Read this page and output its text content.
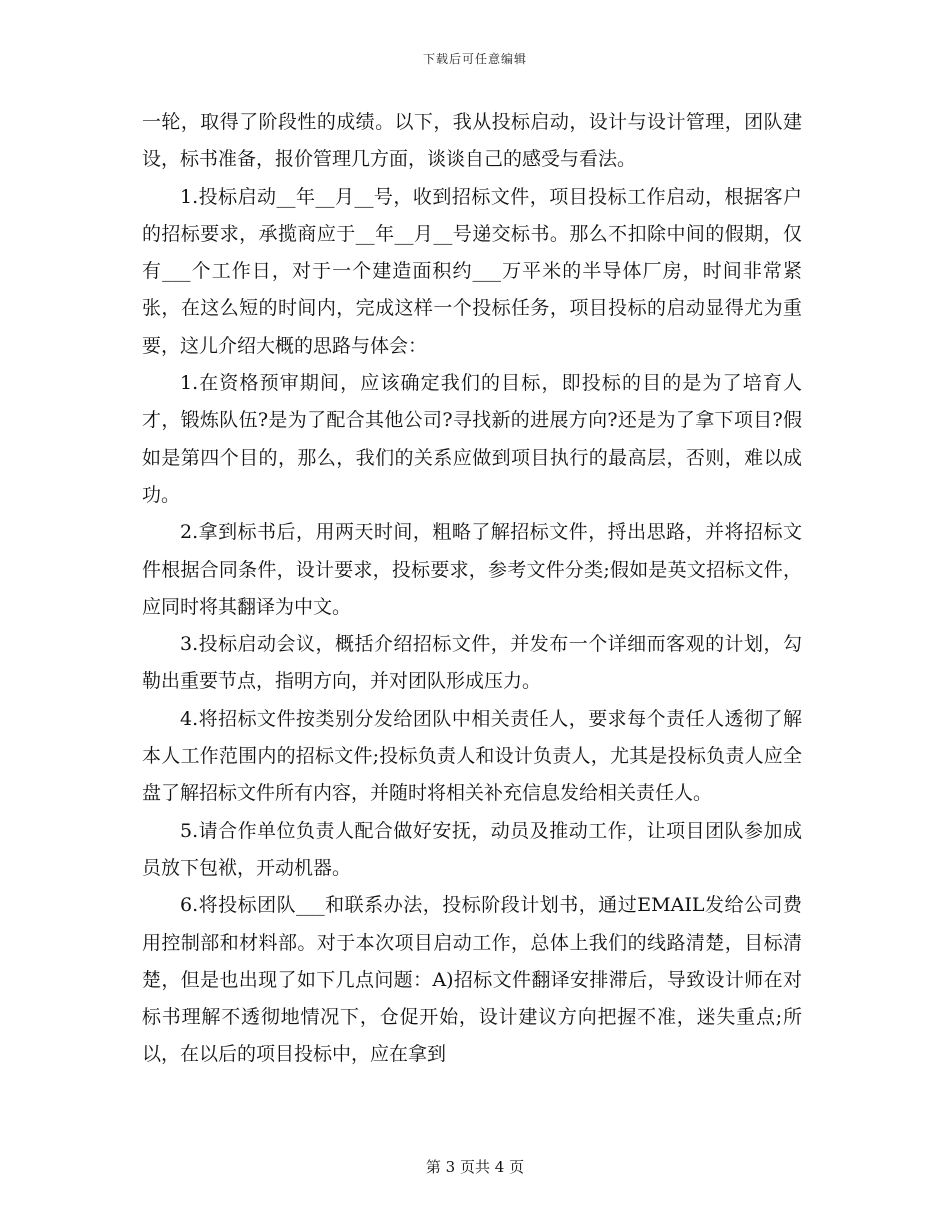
下载后可任意编辑

一轮，取得了阶段性的成绩。以下，我从投标启动，设计与设计管理，团队建设，标书准备，报价管理几方面，谈谈自己的感受与看法。

1.投标启动__年__月__号，收到招标文件，项目投标工作启动，根据客户的招标要求，承揽商应于__年__月__号递交标书。那么不扣除中间的假期，仅有___个工作日，对于一个建造面积约___万平米的半导体厂房，时间非常紧张，在这么短的时间内，完成这样一个投标任务，项目投标的启动显得尤为重要，这儿介绍大概的思路与体会：

1.在资格预审期间，应该确定我们的目标，即投标的目的是为了培育人才，锻炼队伍?是为了配合其他公司?寻找新的进展方向?还是为了拿下项目?假如是第四个目的，那么，我们的关系应做到项目执行的最高层，否则，难以成功。

2.拿到标书后，用两天时间，粗略了解招标文件，捋出思路，并将招标文件根据合同条件，设计要求，投标要求，参考文件分类;假如是英文招标文件，应同时将其翻译为中文。

3.投标启动会议，概括介绍招标文件，并发布一个详细而客观的计划，勾勒出重要节点，指明方向，并对团队形成压力。

4.将招标文件按类别分发给团队中相关责任人，要求每个责任人透彻了解本人工作范围内的招标文件;投标负责人和设计负责人，尤其是投标负责人应全盘了解招标文件所有内容，并随时将相关补充信息发给相关责任人。

5.请合作单位负责人配合做好安抚，动员及推动工作，让项目团队参加成员放下包袱，开动机器。

6.将投标团队___和联系办法，投标阶段计划书，通过EMAIL发给公司费用控制部和材料部。对于本次项目启动工作，总体上我们的线路清楚，目标清楚，但是也出现了如下几点问题：A)招标文件翻译安排滞后，导致设计师在对标书理解不透彻地情况下，仓促开始，设计建议方向把握不准，迷失重点;所以，在以后的项目投标中，应在拿到

第 3 页共 4 页
